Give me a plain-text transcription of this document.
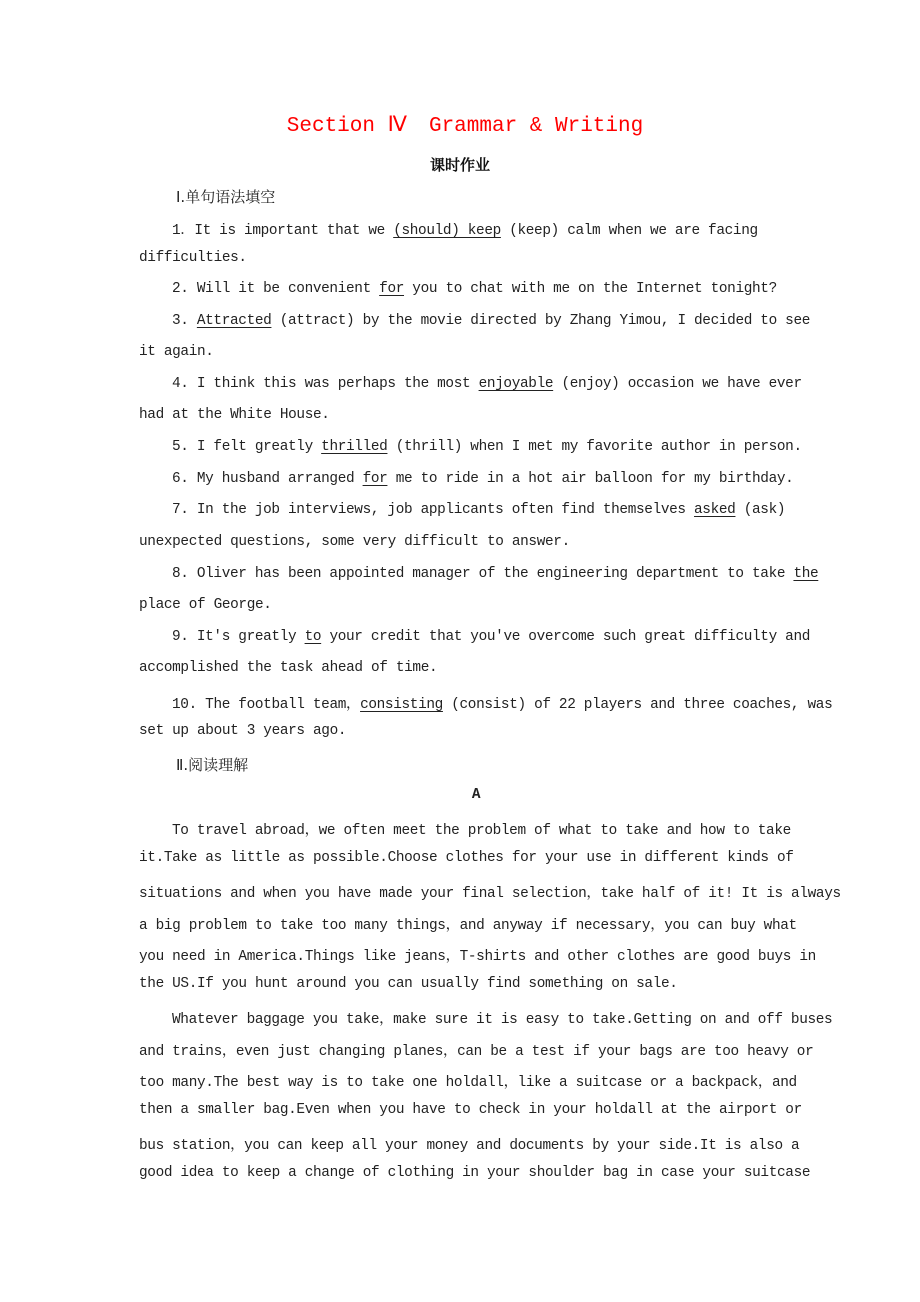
Section Ⅳ Grammar & Writing
课时作业
Ⅰ.单句语法填空
1．It is important that we (should) keep (keep) calm when we are facing
difficulties.
2. Will it be convenient for you to chat with me on the Internet tonight?
3. Attracted (attract) by the movie directed by Zhang Yimou, I decided to see
it again.
4. I think this was perhaps the most enjoyable (enjoy) occasion we have ever
had at the White House.
5. I felt greatly thrilled (thrill) when I met my favorite author in person.
6. My husband arranged for me to ride in a hot air balloon for my birthday.
7. In the job interviews, job applicants often find themselves asked (ask)
unexpected questions, some very difficult to answer.
8. Oliver has been appointed manager of the engineering department to take the
place of George.
9. It's greatly to your credit that you've overcome such great difficulty and
accomplished the task ahead of time.
10. The football team，consisting (consist) of 22 players and three coaches, was
set up about 3 years ago.
Ⅱ.阅读理解
A
To travel abroad，we often meet the problem of what to take and how to take
it.Take as little as possible.Choose clothes for your use in different kinds of
situations and when you have made your final selection，take half of it! It is always
a big problem to take too many things，and anyway if necessary，you can buy what
you need in America.Things like jeans，T-shirts and other clothes are good buys in
the US.If you hunt around you can usually find something on sale.
Whatever baggage you take，make sure it is easy to take.Getting on and off buses
and trains，even just changing planes，can be a test if your bags are too heavy or
too many.The best way is to take one holdall，like a suitcase or a backpack，and
then a smaller bag.Even when you have to check in your holdall at the airport or
bus station，you can keep all your money and documents by your side.It is also a
good idea to keep a change of clothing in your shoulder bag in case your suitcase
